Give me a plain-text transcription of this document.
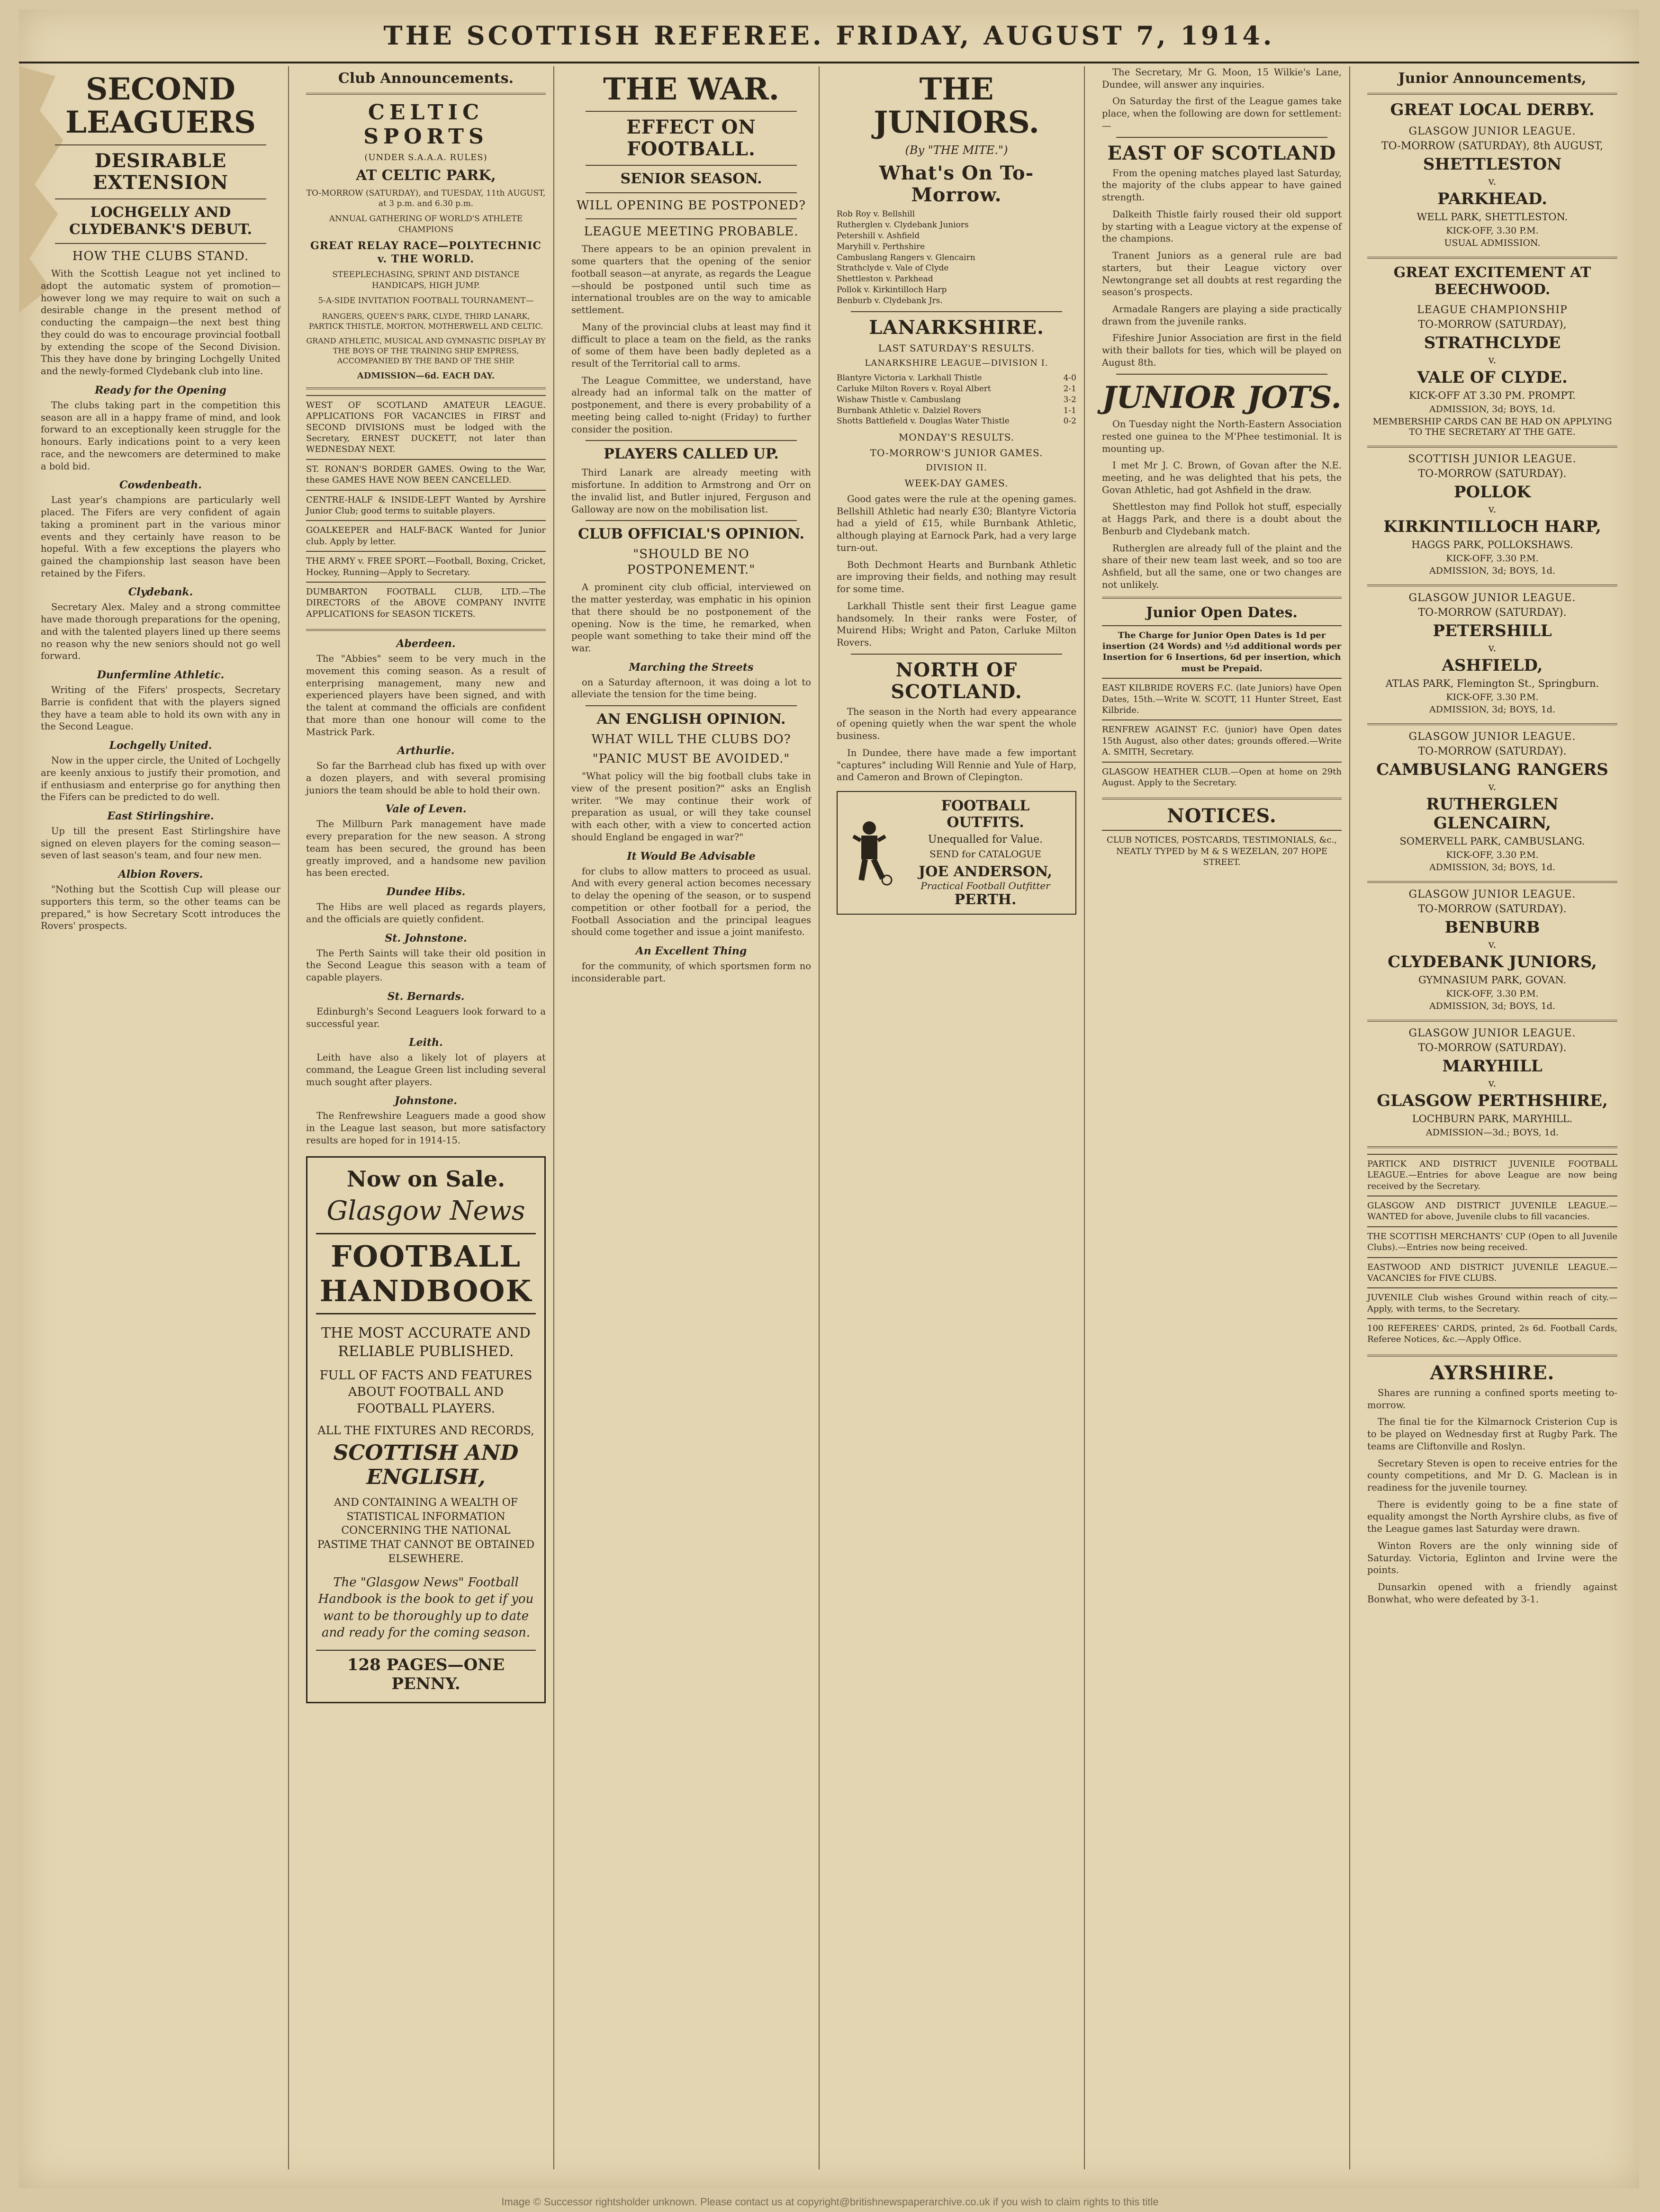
THE SCOTTISH REFEREE. FRIDAY, AUGUST 7, 1914.
SECOND LEAGUERS
DESIRABLE EXTENSION
LOCHGELLY AND CLYDEBANK'S DEBUT.
HOW THE CLUBS STAND.

With the Scottish League not yet inclined to adopt the automatic system of promotion—however long we may require to wait on such a desirable change in the present method of conducting the campaign—the next best thing they could do was to encourage provincial football by extending the scope of the Second Division. This they have done by bringing Lochgelly United and the newly-formed Clydebank club into line.

Ready for the Opening

The clubs taking part in the competition this season are all in a happy frame of mind, and look forward to an exceptionally keen struggle for the honours. Early indications point to a very keen race, and the newcomers are determined to make a bold bid.

Cowdenbeath.

Last year's champions are particularly well placed. The Fifers are very confident of again taking a prominent part in the various minor events and they certainly have reason to be hopeful. With a few exceptions the players who gained the championship last season have been retained by the Fifers.

Clydebank.

Secretary Alex. Maley and a strong committee have made thorough preparations for the opening, and with the talented players lined up there seems no reason why the new seniors should not go well forward.

Dunfermline Athletic.

Writing of the Fifers' prospects, Secretary Barrie is confident that with the players signed they have a team able to hold its own with any in the Second League.

Lochgelly United.

Now in the upper circle, the United of Lochgelly are keenly anxious to justify their promotion, and if enthusiasm and enterprise go for anything then the Fifers can be predicted to do well.

East Stirlingshire.

Up till the present East Stirlingshire have signed on eleven players for the coming season—seven of last season's team, and four new men.

Albion Rovers.

"Nothing but the Scottish Cup will please our supporters this term, so the other teams can be prepared," is how Secretary Scott introduces the Rovers' prospects.

Club Announcements.
CELTIC SPORTS
(UNDER S.A.A.A. RULES)
AT CELTIC PARK,
TO-MORROW (SATURDAY), and TUESDAY, 11th AUGUST, at 3 p.m. and 6.30 p.m.
ANNUAL GATHERING OF WORLD'S ATHLETE CHAMPIONS
GREAT RELAY RACE—POLYTECHNIC v. THE WORLD.
STEEPLECHASING, SPRINT AND DISTANCE HANDICAPS, HIGH JUMP.
5-A-SIDE INVITATION FOOTBALL TOURNAMENT—
RANGERS, QUEEN'S PARK, CLYDE, THIRD LANARK, PARTICK THISTLE, MORTON, MOTHERWELL AND CELTIC.
GRAND ATHLETIC, MUSICAL AND GYMNASTIC DISPLAY BY THE BOYS OF THE TRAINING SHIP EMPRESS, ACCOMPANIED BY THE BAND OF THE SHIP.
ADMISSION—6d. EACH DAY.
WEST OF SCOTLAND AMATEUR LEAGUE. APPLICATIONS FOR VACANCIES in FIRST and SECOND DIVISIONS must be lodged with the Secretary, ERNEST DUCKETT, not later than WEDNESDAY NEXT.
ST. RONAN'S BORDER GAMES. Owing to the War, these GAMES HAVE NOW BEEN CANCELLED.
CENTRE-HALF & INSIDE-LEFT Wanted by Ayrshire Junior Club; good terms to suitable players.
GOALKEEPER and HALF-BACK Wanted for Junior club. Apply by letter.
THE ARMY v. FREE SPORT.—Football, Boxing, Cricket, Hockey, Running—Apply to Secretary.
DUMBARTON FOOTBALL CLUB, LTD.—The DIRECTORS of the ABOVE COMPANY INVITE APPLICATIONS for SEASON TICKETS.
Aberdeen.

The "Abbies" seem to be very much in the movement this coming season. As a result of enterprising management, many new and experienced players have been signed, and with the talent at command the officials are confident that more than one honour will come to the Mastrick Park.

Arthurlie.

So far the Barrhead club has fixed up with over a dozen players, and with several promising juniors the team should be able to hold their own.

Vale of Leven.

The Millburn Park management have made every preparation for the new season. A strong team has been secured, the ground has been greatly improved, and a handsome new pavilion has been erected.

Dundee Hibs.

The Hibs are well placed as regards players, and the officials are quietly confident.

St. Johnstone.

The Perth Saints will take their old position in the Second League this season with a team of capable players.

St. Bernards.

Edinburgh's Second Leaguers look forward to a successful year.

Leith.

Leith have also a likely lot of players at command, the League Green list including several much sought after players.

Johnstone.

The Renfrewshire Leaguers made a good show in the League last season, but more satisfactory results are hoped for in 1914-15.

Now on Sale.
Glasgow News
FOOTBALL HANDBOOK
THE MOST ACCURATE AND RELIABLE PUBLISHED.
FULL OF FACTS AND FEATURES ABOUT FOOTBALL AND FOOTBALL PLAYERS.
ALL THE FIXTURES AND RECORDS,
SCOTTISH AND ENGLISH,
AND CONTAINING A WEALTH OF STATISTICAL INFORMATION CONCERNING THE NATIONAL PASTIME THAT CANNOT BE OBTAINED ELSEWHERE.
The "Glasgow News" Football Handbook is the book to get if you want to be thoroughly up to date and ready for the coming season.
128 PAGES—ONE PENNY.
THE WAR.
EFFECT ON FOOTBALL.
SENIOR SEASON.
WILL OPENING BE POSTPONED?
LEAGUE MEETING PROBABLE.

There appears to be an opinion prevalent in some quarters that the opening of the senior football season—at anyrate, as regards the League—should be postponed until such time as international troubles are on the way to amicable settlement.

Many of the provincial clubs at least may find it difficult to place a team on the field, as the ranks of some of them have been badly depleted as a result of the Territorial call to arms.

The League Committee, we understand, have already had an informal talk on the matter of postponement, and there is every probability of a meeting being called to-night (Friday) to further consider the position.

PLAYERS CALLED UP.

Third Lanark are already meeting with misfortune. In addition to Armstrong and Orr on the invalid list, and Butler injured, Ferguson and Galloway are now on the mobilisation list.

CLUB OFFICIAL'S OPINION.
"SHOULD BE NO POSTPONEMENT."

A prominent city club official, interviewed on the matter yesterday, was emphatic in his opinion that there should be no postponement of the opening. Now is the time, he remarked, when people want something to take their mind off the war.

Marching the Streets

on a Saturday afternoon, it was doing a lot to alleviate the tension for the time being.

AN ENGLISH OPINION.
WHAT WILL THE CLUBS DO?
"PANIC MUST BE AVOIDED."

"What policy will the big football clubs take in view of the present position?" asks an English writer. "We may continue their work of preparation as usual, or will they take counsel with each other, with a view to concerted action should England be engaged in war?"

It Would Be Advisable

for clubs to allow matters to proceed as usual. And with every general action becomes necessary to delay the opening of the season, or to suspend competition or other football for a period, the Football Association and the principal leagues should come together and issue a joint manifesto.

An Excellent Thing

for the community, of which sportsmen form no inconsiderable part.

THE JUNIORS.
(By "THE MITE.")
What's On To-Morrow.
Rob Roy v. Bellshill
Rutherglen v. Clydebank Juniors
Petershill v. Ashfield
Maryhill v. Perthshire
Cambuslang Rangers v. Glencairn
Strathclyde v. Vale of Clyde
Shettleston v. Parkhead
Pollok v. Kirkintilloch Harp
Benburb v. Clydebank Jrs.
LANARKSHIRE.
LAST SATURDAY'S RESULTS.
LANARKSHIRE LEAGUE—DIVISION I.
Blantyre Victoria v. Larkhall Thistle	4-0
Carluke Milton Rovers v. Royal Albert	2-1
Wishaw Thistle v. Cambuslang	3-2
Burnbank Athletic v. Dalziel Rovers	1-1
Shotts Battlefield v. Douglas Water Thistle	0-2
MONDAY'S RESULTS.
TO-MORROW'S JUNIOR GAMES.
DIVISION II.
WEEK-DAY GAMES.

Good gates were the rule at the opening games. Bellshill Athletic had nearly £30; Blantyre Victoria had a yield of £15, while Burnbank Athletic, although playing at Earnock Park, had a very large turn-out.

Both Dechmont Hearts and Burnbank Athletic are improving their fields, and nothing may result for some time.

Larkhall Thistle sent their first League game handsomely. In their ranks were Foster, of Muirend Hibs; Wright and Paton, Carluke Milton Rovers.

NORTH OF SCOTLAND.

The season in the North had every appearance of opening quietly when the war spent the whole business.

In Dundee, there have made a few important "captures" including Will Rennie and Yule of Harp, and Cameron and Brown of Clepington.

FOOTBALL OUTFITS.
Unequalled for Value.
SEND for CATALOGUE
JOE ANDERSON,
Practical Football Outfitter
PERTH.

The Secretary, Mr G. Moon, 15 Wilkie's Lane, Dundee, will answer any inquiries.

On Saturday the first of the League games take place, when the following are down for settlement:—

EAST OF SCOTLAND

From the opening matches played last Saturday, the majority of the clubs appear to have gained strength.

Dalkeith Thistle fairly roused their old support by starting with a League victory at the expense of the champions.

Tranent Juniors as a general rule are bad starters, but their League victory over Newtongrange set all doubts at rest regarding the season's prospects.

Armadale Rangers are playing a side practically drawn from the juvenile ranks.

Fifeshire Junior Association are first in the field with their ballots for ties, which will be played on August 8th.

JUNIOR JOTS.

On Tuesday night the North-Eastern Association rested one guinea to the M'Phee testimonial. It is mounting up.

I met Mr J. C. Brown, of Govan after the N.E. meeting, and he was delighted that his pets, the Govan Athletic, had got Ashfield in the draw.

Shettleston may find Pollok hot stuff, especially at Haggs Park, and there is a doubt about the Benburb and Clydebank match.

Rutherglen are already full of the plaint and the share of their new team last week, and so too are Ashfield, but all the same, one or two changes are not unlikely.

Junior Open Dates.
The Charge for Junior Open Dates is 1d per insertion (24 Words) and ½d additional words per Insertion for 6 Insertions, 6d per insertion, which must be Prepaid.
EAST KILBRIDE ROVERS F.C. (late Juniors) have Open Dates, 15th.—Write W. SCOTT, 11 Hunter Street, East Kilbride.
RENFREW AGAINST F.C. (junior) have Open dates 15th August, also other dates; grounds offered.—Write A. SMITH, Secretary.
GLASGOW HEATHER CLUB.—Open at home on 29th August. Apply to the Secretary.
NOTICES.
CLUB NOTICES, POSTCARDS, TESTIMONIALS, &c., NEATLY TYPED by M & S WEZELAN, 207 HOPE STREET.
Junior Announcements,
GREAT LOCAL DERBY.
GLASGOW JUNIOR LEAGUE.
TO-MORROW (SATURDAY), 8th AUGUST,
SHETTLESTON
v.
PARKHEAD.
WELL PARK, SHETTLESTON.
KICK-OFF, 3.30 P.M.
USUAL ADMISSION.
GREAT EXCITEMENT AT BEECHWOOD.
LEAGUE CHAMPIONSHIP
TO-MORROW (SATURDAY),
STRATHCLYDE
v.
VALE OF CLYDE.
KICK-OFF AT 3.30 PM. PROMPT.
ADMISSION, 3d; BOYS, 1d.
MEMBERSHIP CARDS CAN BE HAD ON APPLYING TO THE SECRETARY AT THE GATE.
SCOTTISH JUNIOR LEAGUE.
TO-MORROW (SATURDAY).
POLLOK
v.
KIRKINTILLOCH HARP,
HAGGS PARK, POLLOKSHAWS.
KICK-OFF, 3.30 P.M.
ADMISSION, 3d; BOYS, 1d.
GLASGOW JUNIOR LEAGUE.
TO-MORROW (SATURDAY).
PETERSHILL
v.
ASHFIELD,
ATLAS PARK, Flemington St., Springburn.
KICK-OFF, 3.30 P.M.
ADMISSION, 3d; BOYS, 1d.
GLASGOW JUNIOR LEAGUE.
TO-MORROW (SATURDAY).
CAMBUSLANG RANGERS
v.
RUTHERGLEN GLENCAIRN,
SOMERVELL PARK, CAMBUSLANG.
KICK-OFF, 3.30 P.M.
ADMISSION, 3d; BOYS, 1d.
GLASGOW JUNIOR LEAGUE.
TO-MORROW (SATURDAY).
BENBURB
v.
CLYDEBANK JUNIORS,
GYMNASIUM PARK, GOVAN.
KICK-OFF, 3.30 P.M.
ADMISSION, 3d; BOYS, 1d.
GLASGOW JUNIOR LEAGUE.
TO-MORROW (SATURDAY).
MARYHILL
v.
GLASGOW PERTHSHIRE,
LOCHBURN PARK, MARYHILL.
ADMISSION—3d.; BOYS, 1d.
PARTICK AND DISTRICT JUVENILE FOOTBALL LEAGUE.—Entries for above League are now being received by the Secretary.
GLASGOW AND DISTRICT JUVENILE LEAGUE.—WANTED for above, Juvenile clubs to fill vacancies.
THE SCOTTISH MERCHANTS' CUP (Open to all Juvenile Clubs).—Entries now being received.
EASTWOOD AND DISTRICT JUVENILE LEAGUE.—VACANCIES for FIVE CLUBS.
JUVENILE Club wishes Ground within reach of city.—Apply, with terms, to the Secretary.
100 REFEREES' CARDS, printed, 2s 6d. Football Cards, Referee Notices, &c.—Apply Office.
AYRSHIRE.

Shares are running a confined sports meeting to-morrow.

The final tie for the Kilmarnock Cristerion Cup is to be played on Wednesday first at Rugby Park. The teams are Cliftonville and Roslyn.

Secretary Steven is open to receive entries for the county competitions, and Mr D. G. Maclean is in readiness for the juvenile tourney.

There is evidently going to be a fine state of equality amongst the North Ayrshire clubs, as five of the League games last Saturday were drawn.

Winton Rovers are the only winning side of Saturday. Victoria, Eglinton and Irvine were the points.

Dunsarkin opened with a friendly against Bonwhat, who were defeated by 3-1.

Image © Successor rightsholder unknown. Please contact us at copyright@britishnewspaperarchive.co.uk if you wish to claim rights to this title
